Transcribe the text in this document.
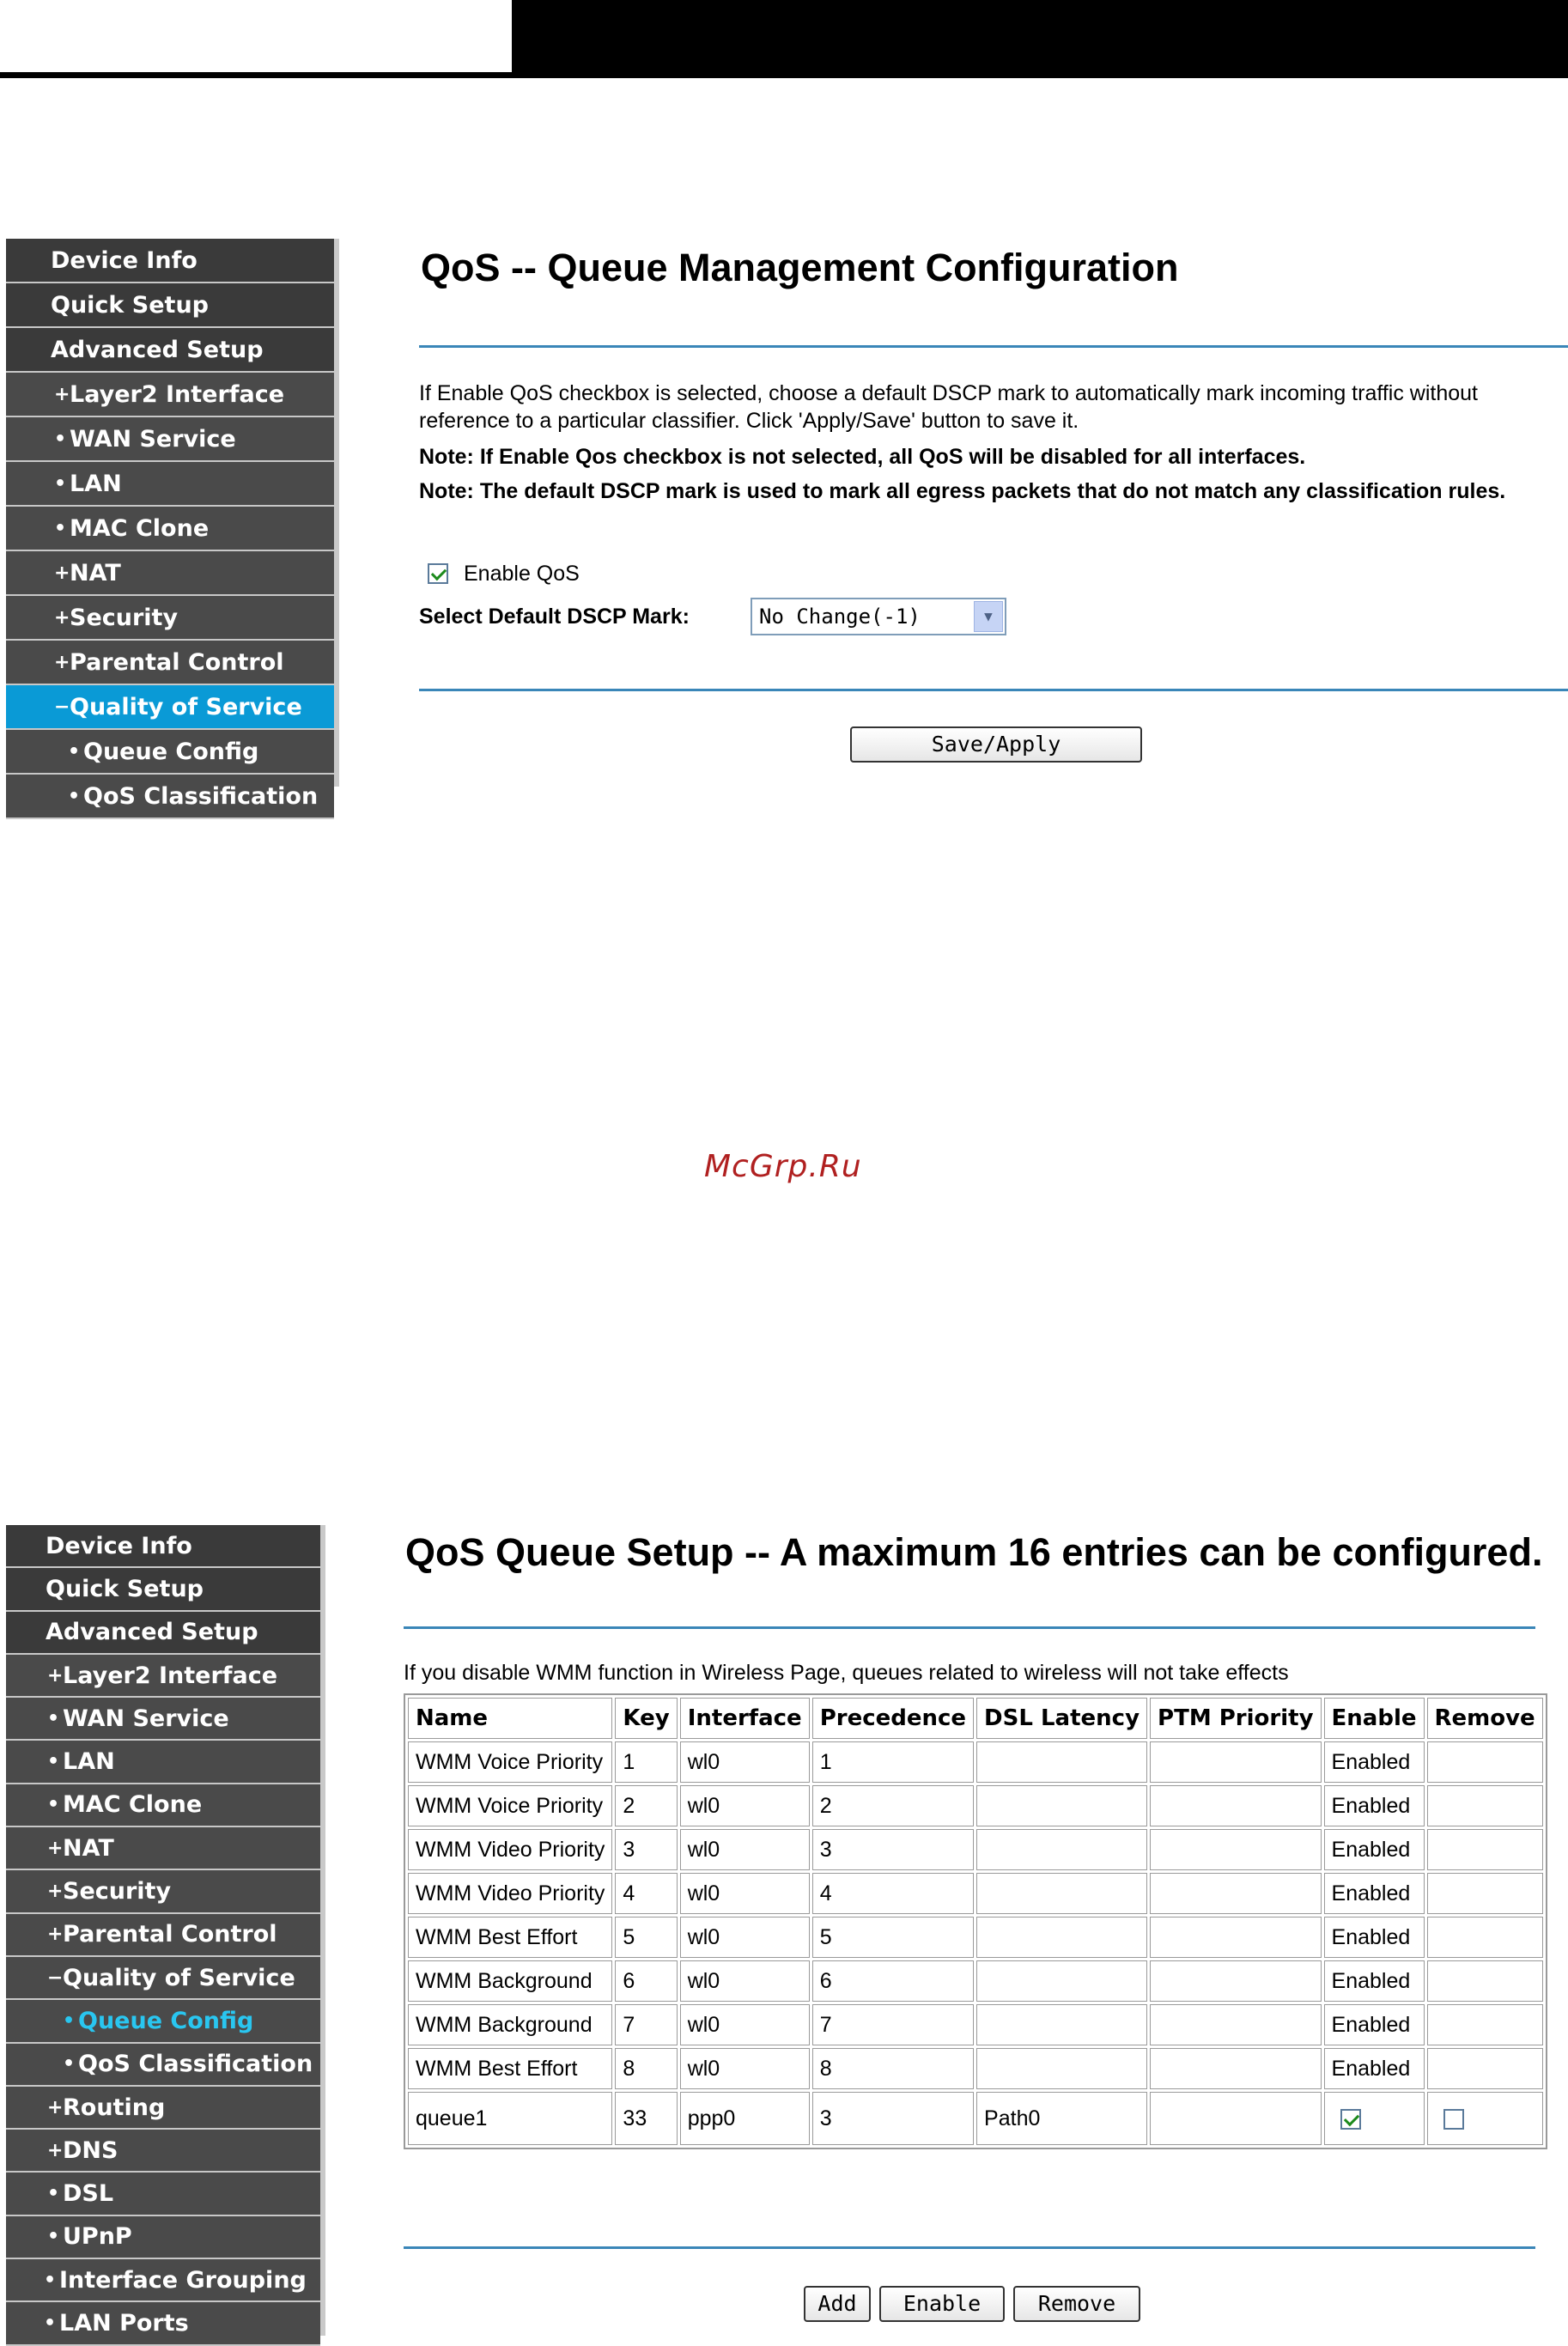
Device Info
Quick Setup
Advanced Setup
+ Layer2 Interface
• WAN Service
• LAN
• MAC Clone
+ NAT
+ Security
+ Parental Control
− Quality of Service
• Queue Config
• QoS Classification
QoS -- Queue Management Configuration
If Enable QoS checkbox is selected, choose a default DSCP mark to automatically mark incoming traffic without reference to a particular classifier. Click 'Apply/Save' button to save it.
Note: If Enable Qos checkbox is not selected, all QoS will be disabled for all interfaces.
Note: The default DSCP mark is used to mark all egress packets that do not match any classification rules.
Enable QoS
Select Default DSCP Mark:	No Change(-1)	▼
Save/Apply
McGrp.Ru
Device Info
Quick Setup
Advanced Setup
+ Layer2 Interface
• WAN Service
• LAN
• MAC Clone
+ NAT
+ Security
+ Parental Control
− Quality of Service
• Queue Config
• QoS Classification
+ Routing
+ DNS
• DSL
• UPnP
• Interface Grouping
• LAN Ports
QoS Queue Setup -- A maximum 16 entries can be configured.
If you disable WMM function in Wireless Page, queues related to wireless will not take effects
Name	Key	Interface	Precedence	DSL Latency	PTM Priority	Enable	Remove
WMM Voice Priority	1	wl0	1			Enabled	
WMM Voice Priority	2	wl0	2			Enabled	
WMM Video Priority	3	wl0	3			Enabled	
WMM Video Priority	4	wl0	4			Enabled	
WMM Best Effort	5	wl0	5			Enabled	
WMM Background	6	wl0	6			Enabled	
WMM Background	7	wl0	7			Enabled	
WMM Best Effort	8	wl0	8			Enabled	
queue1	33	ppp0	3	Path0			
Add	Enable	Remove
